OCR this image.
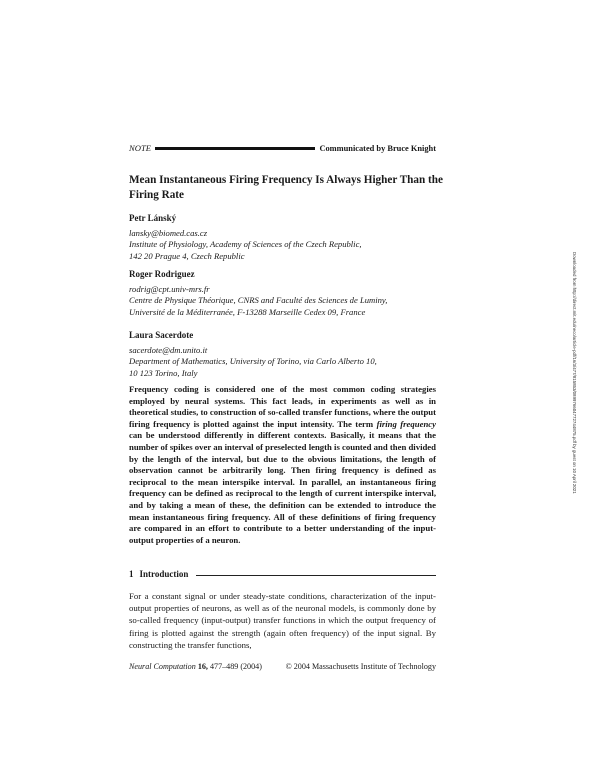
NOTE	Communicated by Bruce Knight
Mean Instantaneous Firing Frequency Is Always Higher Than the Firing Rate
Petr Lánský
lansky@biomed.cas.cz
Institute of Physiology, Academy of Sciences of the Czech Republic,
142 20 Prague 4, Czech Republic
Roger Rodriguez
rodrig@cpt.univ-mrs.fr
Centre de Physique Théorique, CNRS and Faculté des Sciences de Luminy,
Université de la Méditerranée, F-13288 Marseille Cedex 09, France
Laura Sacerdote
sacerdote@dm.unito.it
Department of Mathematics, University of Torino, via Carlo Alberto 10,
10 123 Torino, Italy
Frequency coding is considered one of the most common coding strategies employed by neural systems. This fact leads, in experiments as well as in theoretical studies, to construction of so-called transfer functions, where the output firing frequency is plotted against the input intensity. The term firing frequency can be understood differently in different contexts. Basically, it means that the number of spikes over an interval of preselected length is counted and then divided by the length of the interval, but due to the obvious limitations, the length of observation cannot be arbitrarily long. Then firing frequency is defined as reciprocal to the mean interspike interval. In parallel, an instantaneous firing frequency can be defined as reciprocal to the length of current interspike interval, and by taking a mean of these, the definition can be extended to introduce the mean instantaneous firing frequency. All of these definitions of firing frequency are compared in an effort to contribute to a better understanding of the input-output properties of a neuron.
1 Introduction
For a constant signal or under steady-state conditions, characterization of the input-output properties of neurons, as well as of the neuronal models, is commonly done by so-called frequency (input-output) transfer functions in which the output frequency of firing is plotted against the strength (again often frequency) of the input signal. By constructing the transfer functions,
Neural Computation 16, 477–489 (2004)	© 2004 Massachusetts Institute of Technology
Downloaded from http://direct.mit.edu/neco/article-pdf/16/3/477/815853/089976604772744875.pdf by guest on 10 April 2021
